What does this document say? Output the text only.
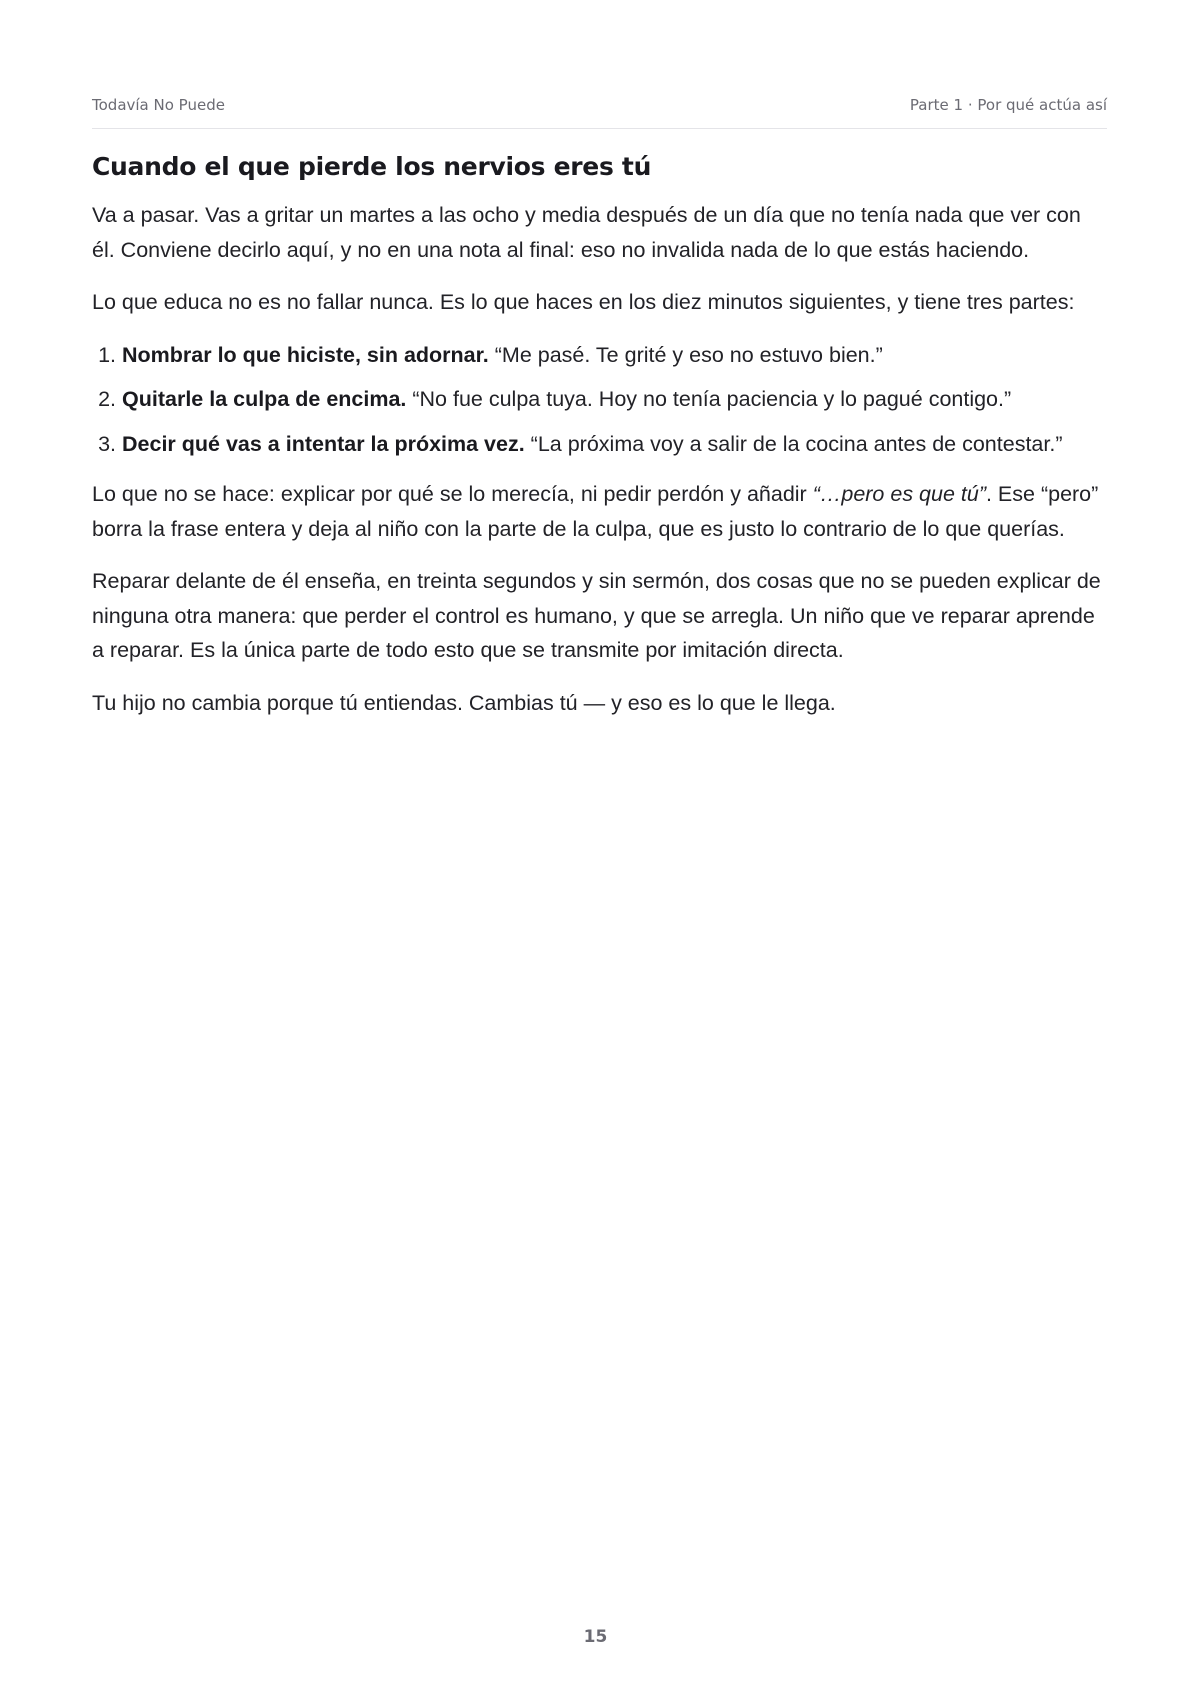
Todavía No Puede	Parte 1 · Por qué actúa así
Cuando el que pierde los nervios eres tú

Va a pasar. Vas a gritar un martes a las ocho y media después de un día que no tenía nada que ver con él. Conviene decirlo aquí, y no en una nota al final: eso no invalida nada de lo que estás haciendo.

Lo que educa no es no fallar nunca. Es lo que haces en los diez minutos siguientes, y tiene tres partes:

1. Nombrar lo que hiciste, sin adornar. “Me pasé. Te grité y eso no estuvo bien.”
2. Quitarle la culpa de encima. “No fue culpa tuya. Hoy no tenía paciencia y lo pagué contigo.”
3. Decir qué vas a intentar la próxima vez. “La próxima voy a salir de la cocina antes de contestar.”

Lo que no se hace: explicar por qué se lo merecía, ni pedir perdón y añadir “…pero es que tú”. Ese “pero” borra la frase entera y deja al niño con la parte de la culpa, que es justo lo contrario de lo que querías.

Reparar delante de él enseña, en treinta segundos y sin sermón, dos cosas que no se pueden explicar de ninguna otra manera: que perder el control es humano, y que se arregla. Un niño que ve reparar aprende a reparar. Es la única parte de todo esto que se transmite por imitación directa.

Tu hijo no cambia porque tú entiendas. Cambias tú — y eso es lo que le llega.

15
